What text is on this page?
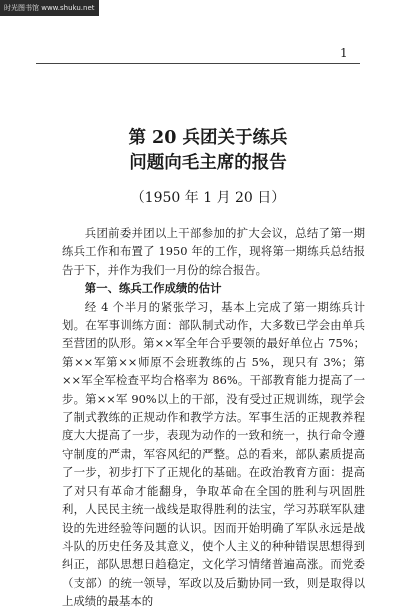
时光图书馆 www.shuku.net
1
第 20 兵团关于练兵
问题向毛主席的报告
（1950 年 1 月 20 日）

兵团前委并团以上干部参加的扩大会议，总结了第一期练兵工作和布置了 1950 年的工作，现将第一期练兵总结报告于下，并作为我们一月份的综合报告。

第一、练兵工作成绩的估计

经 4 个半月的紧张学习，基本上完成了第一期练兵计划。在军事训练方面：部队制式动作，大多数已学会由单兵至营团的队形。第××军全年合乎要领的最好单位占 75%；第××军第××师原不会班教练的占 5%，现只有 3%；第××军全军检查平均合格率为 86%。干部教育能力提高了一步。第××军 90%以上的干部，没有受过正规训练，现学会了制式教练的正规动作和教学方法。军事生活的正规教养程度大大提高了一步，表现为动作的一致和统一，执行命令遵守制度的严肃，军容风纪的严整。总的看来，部队素质提高了一步，初步打下了正规化的基础。在政治教育方面：提高了对只有革命才能翻身，争取革命在全国的胜利与巩固胜利，人民民主统一战线是取得胜利的法宝，学习苏联军队建设的先进经验等问题的认识。因而开始明确了军队永远是战斗队的历史任务及其意义，使个人主义的种种错误思想得到纠正，部队思想日趋稳定，文化学习情绪普遍高涨。而党委（支部）的统一领导，军政以及后勤协同一致，则是取得以上成绩的最基本的
